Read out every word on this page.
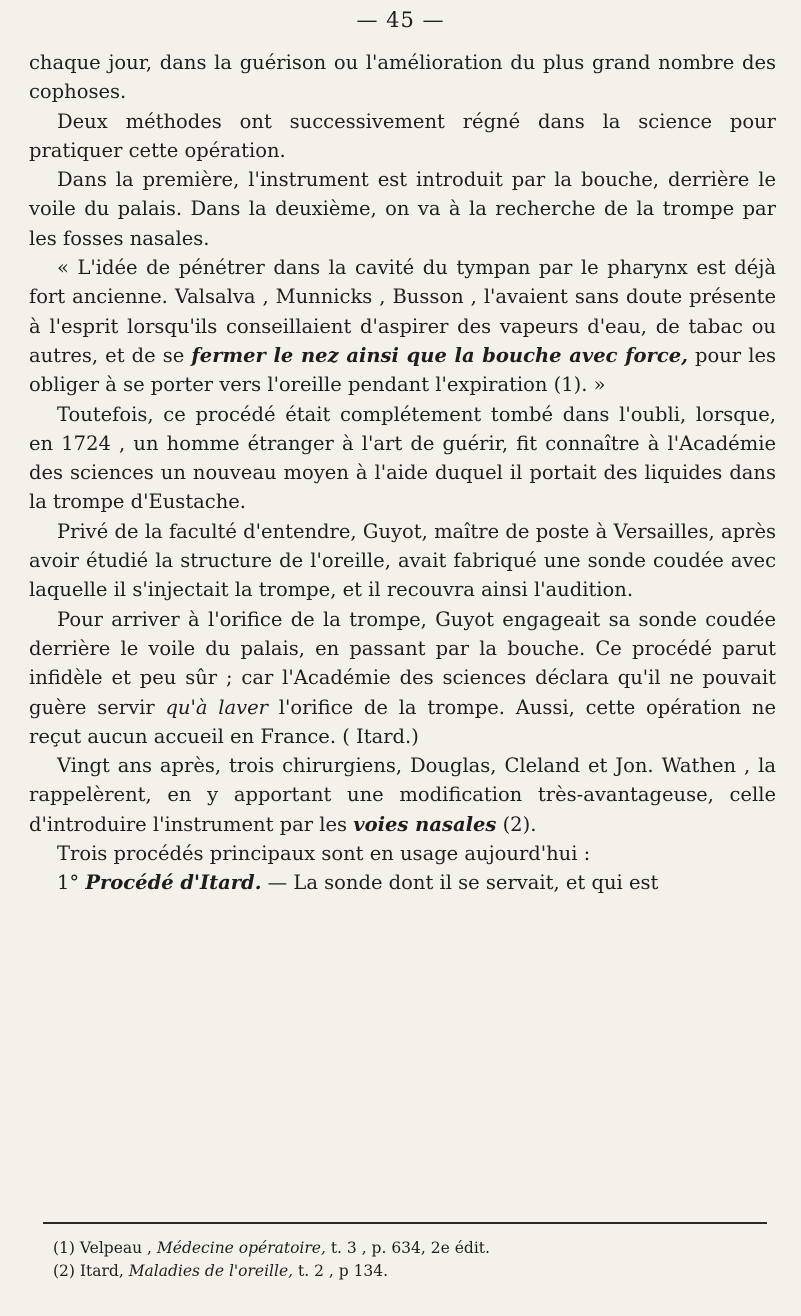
— 45 —

chaque jour, dans la guérison ou l'amélioration du plus grand nombre des cophoses.

Deux méthodes ont successivement régné dans la science pour pratiquer cette opération.

Dans la première, l'instrument est introduit par la bouche, derrière le voile du palais. Dans la deuxième, on va à la recherche de la trompe par les fosses nasales.

« L'idée de pénétrer dans la cavité du tympan par le pharynx est déjà fort ancienne. Valsalva , Munnicks , Busson , l'avaient sans doute présente à l'esprit lorsqu'ils conseillaient d'aspirer des vapeurs d'eau, de tabac ou autres, et de se fermer le nez ainsi que la bouche avec force, pour les obliger à se porter vers l'oreille pendant l'expiration (1). »

Toutefois, ce procédé était complétement tombé dans l'oubli, lorsque, en 1724 , un homme étranger à l'art de guérir, fit connaître à l'Académie des sciences un nouveau moyen à l'aide duquel il portait des liquides dans la trompe d'Eustache.

Privé de la faculté d'entendre, Guyot, maître de poste à Versailles, après avoir étudié la structure de l'oreille, avait fabriqué une sonde coudée avec laquelle il s'injectait la trompe, et il recouvra ainsi l'audition.

Pour arriver à l'orifice de la trompe, Guyot engageait sa sonde coudée derrière le voile du palais, en passant par la bouche. Ce procédé parut infidèle et peu sûr ; car l'Académie des sciences déclara qu'il ne pouvait guère servir qu'à laver l'orifice de la trompe. Aussi, cette opération ne reçut aucun accueil en France. ( Itard.)

Vingt ans après, trois chirurgiens, Douglas, Cleland et Jon. Wathen , la rappelèrent, en y apportant une modification très-avantageuse, celle d'introduire l'instrument par les voies nasales (2).

Trois procédés principaux sont en usage aujourd'hui :

1° Procédé d'Itard. — La sonde dont il se servait, et qui est

(1) Velpeau , Médecine opératoire, t. 3 , p. 634, 2e édit.
(2) Itard, Maladies de l'oreille, t. 2 , p 134.
